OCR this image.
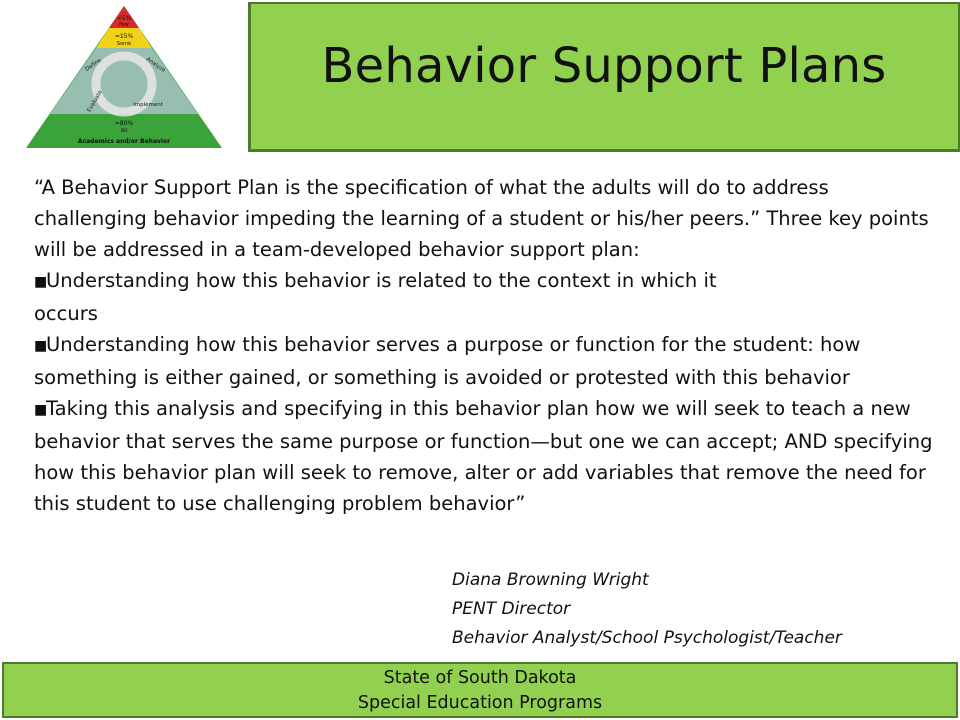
≈5%
Few
≈15%
Some
Define	Analyze
Implement
Evaluate
≈80%
All
Academics and/or Behavior
Behavior Support Plans

“A Behavior Support Plan is the specification of what the adults will do to address challenging behavior impeding the learning of a student or his/her peers.” Three key points will be addressed in a team-developed behavior support plan:

■Understanding how this behavior is related to the context in which it
occurs
■Understanding how this behavior serves a purpose or function for the student: how something is either gained, or something is avoided or protested with this behavior
■Taking this analysis and specifying in this behavior plan how we will seek to teach a new behavior that serves the same purpose or function—but one we can accept; AND specifying how this behavior plan will seek to remove, alter or add variables that remove the need for this student to use challenging problem behavior”
Diana Browning Wright
PENT Director
Behavior Analyst/School Psychologist/Teacher
State of South Dakota
Special Education Programs
